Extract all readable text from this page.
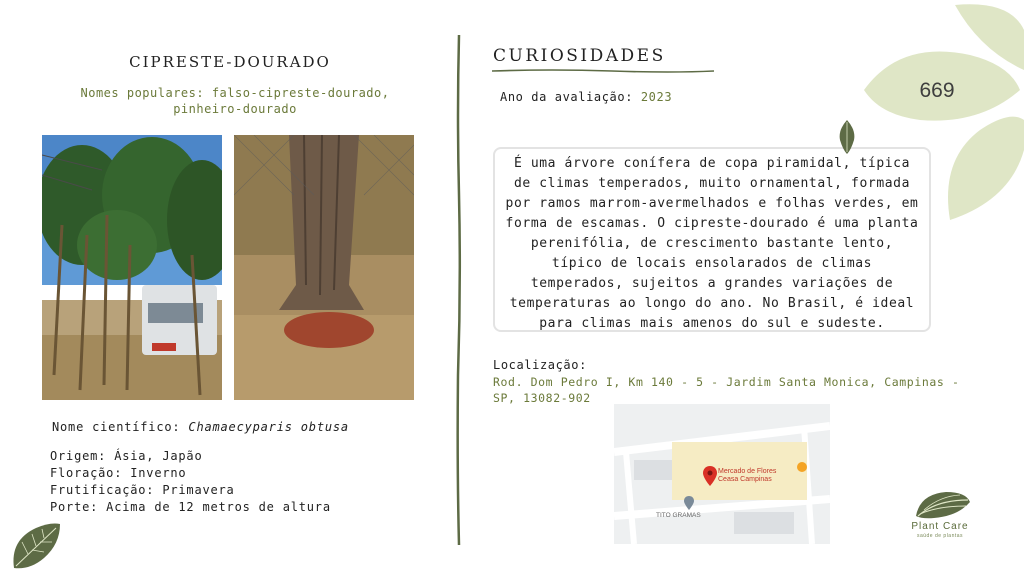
CIPRESTE-DOURADO
Nomes populares: falso-cipreste-dourado, pinheiro-dourado
Nome científico: Chamaecyparis obtusa
Origem: Ásia, Japão
Floração: Inverno
Frutificação: Primavera
Porte: Acima de 12 metros de altura
CURIOSIDADES
Ano da avaliação: 2023
É uma árvore conífera de copa piramidal, típica de climas temperados, muito ornamental, formada por ramos marrom-avermelhados e folhas verdes, em forma de escamas. O cipreste-dourado é uma planta perenifólia, de crescimento bastante lento, típico de locais ensolarados de climas temperados, sujeitos a grandes variações de temperaturas ao longo do ano. No Brasil, é ideal para climas mais amenos do sul e sudeste.
Localização:
Rod. Dom Pedro I, Km 140 - 5 - Jardim Santa Monica, Campinas - SP, 13082-902
Mercado de Flores
Ceasa Campinas
TITO GRAMAS
669
Plant Care
saúde de plantas
